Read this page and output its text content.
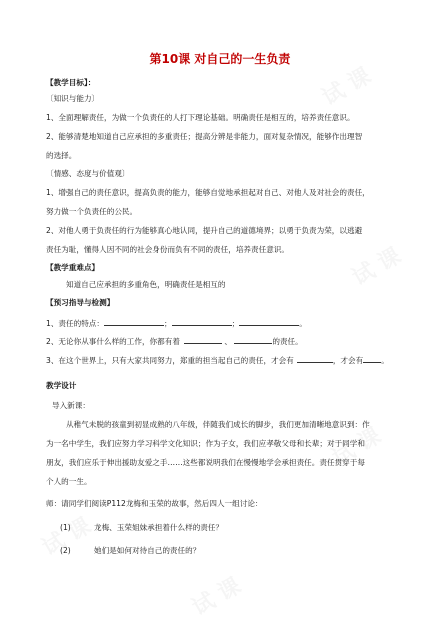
第10课 对自己的一生负责
【教学目标】：
〔知识与能力〕
1、全面理解责任，为做一个负责任的人打下理论基础。明确责任是相互的，培养责任意识。
2、能够清楚地知道自己应承担的多重责任；提高分辨是非能力，面对复杂情况，能够作出理智
的选择。
〔情感、态度与价值观〕
1、增强自己的责任意识，提高负责的能力，能够自觉地承担起对自己、对他人及对社会的责任，
努力做一个负责任的公民。
2、对他人勇于负责任的行为能够真心地认同，提升自己的道德境界；以勇于负责为荣，以逃避
责任为耻，懂得人因不同的社会身份而负有不同的责任，培养责任意识。
【教学重难点】
知道自己应承担的多重角色，明确责任是相互的
【预习指导与检测】
1、责任的特点：	；	；	。
2、无论你从事什么样的工作，你都有着	、	的责任。
3、在这个世界上，只有大家共同努力，郑重的担当起自己的责任，才会有	，才会有 。
教学设计
导入新课：
从稚气未脱的孩童到初显成熟的八年级，伴随我们成长的脚步，我们更加清晰地意识到：作
为一名中学生，我们应努力学习科学文化知识；作为子女，我们应孝敬父母和长辈；对于同学和
朋友，我们应乐于伸出援助友爱之手……这些都说明我们在慢慢地学会承担责任。责任贯穿于每
个人的一生。
师：请同学们阅读P112龙梅和玉荣的故事，然后四人一组讨论：
(1)	龙梅、玉荣姐妹承担着什么样的责任？
(2)	她们是如何对待自己的责任的？
